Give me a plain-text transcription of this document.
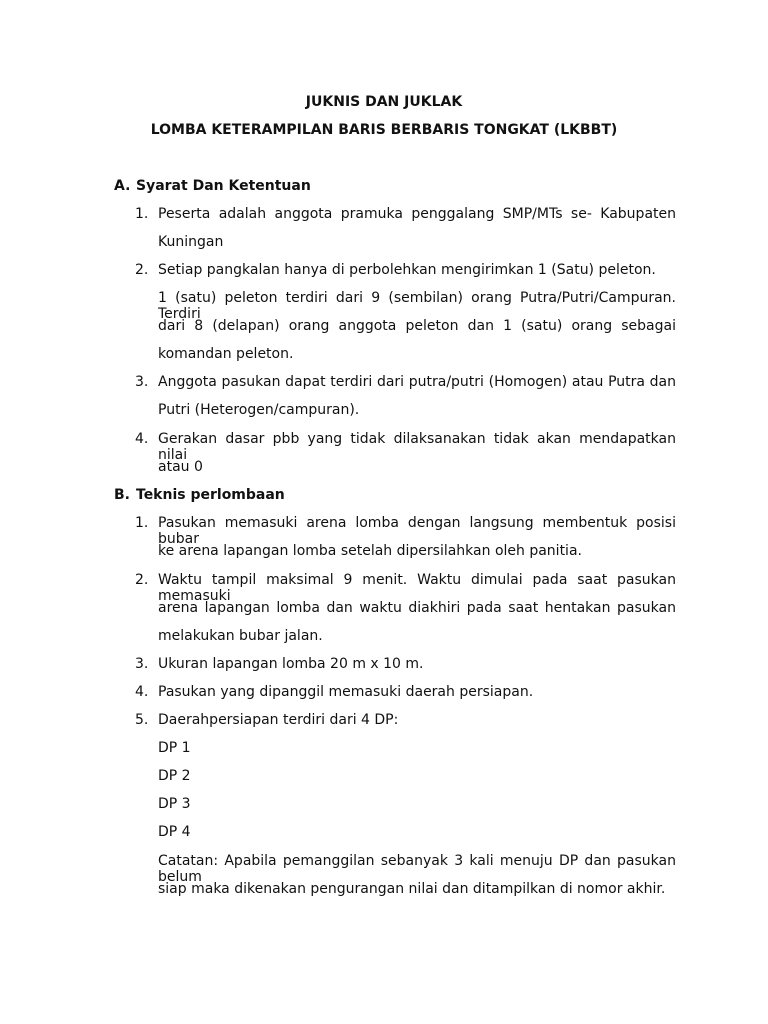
JUKNIS DAN JUKLAK
LOMBA KETERAMPILAN BARIS BERBARIS TONGKAT (LKBBT)
A. Syarat Dan Ketentuan
1. Peserta adalah anggota pramuka penggalang SMP/MTs se- Kabupaten
Kuningan
2. Setiap pangkalan hanya di perbolehkan mengirimkan 1 (Satu) peleton.
1 (satu) peleton terdiri dari 9 (sembilan) orang Putra/Putri/Campuran. Terdiri
dari 8 (delapan) orang anggota peleton dan 1 (satu) orang sebagai
komandan peleton.
3. Anggota pasukan dapat terdiri dari putra/putri (Homogen) atau Putra dan
Putri (Heterogen/campuran).
4. Gerakan dasar pbb yang tidak dilaksanakan tidak akan mendapatkan nilai
atau 0
B. Teknis perlombaan
1. Pasukan memasuki arena lomba dengan langsung membentuk posisi bubar
ke arena lapangan lomba setelah dipersilahkan oleh panitia.
2. Waktu tampil maksimal 9 menit. Waktu dimulai pada saat pasukan memasuki
arena lapangan lomba dan waktu diakhiri pada saat hentakan pasukan
melakukan bubar jalan.
3. Ukuran lapangan lomba 20 m x 10 m.
4. Pasukan yang dipanggil memasuki daerah persiapan.
5. Daerahpersiapan terdiri dari 4 DP:
DP 1
DP 2
DP 3
DP 4
Catatan: Apabila pemanggilan sebanyak 3 kali menuju DP dan pasukan belum
siap maka dikenakan pengurangan nilai dan ditampilkan di nomor akhir.
